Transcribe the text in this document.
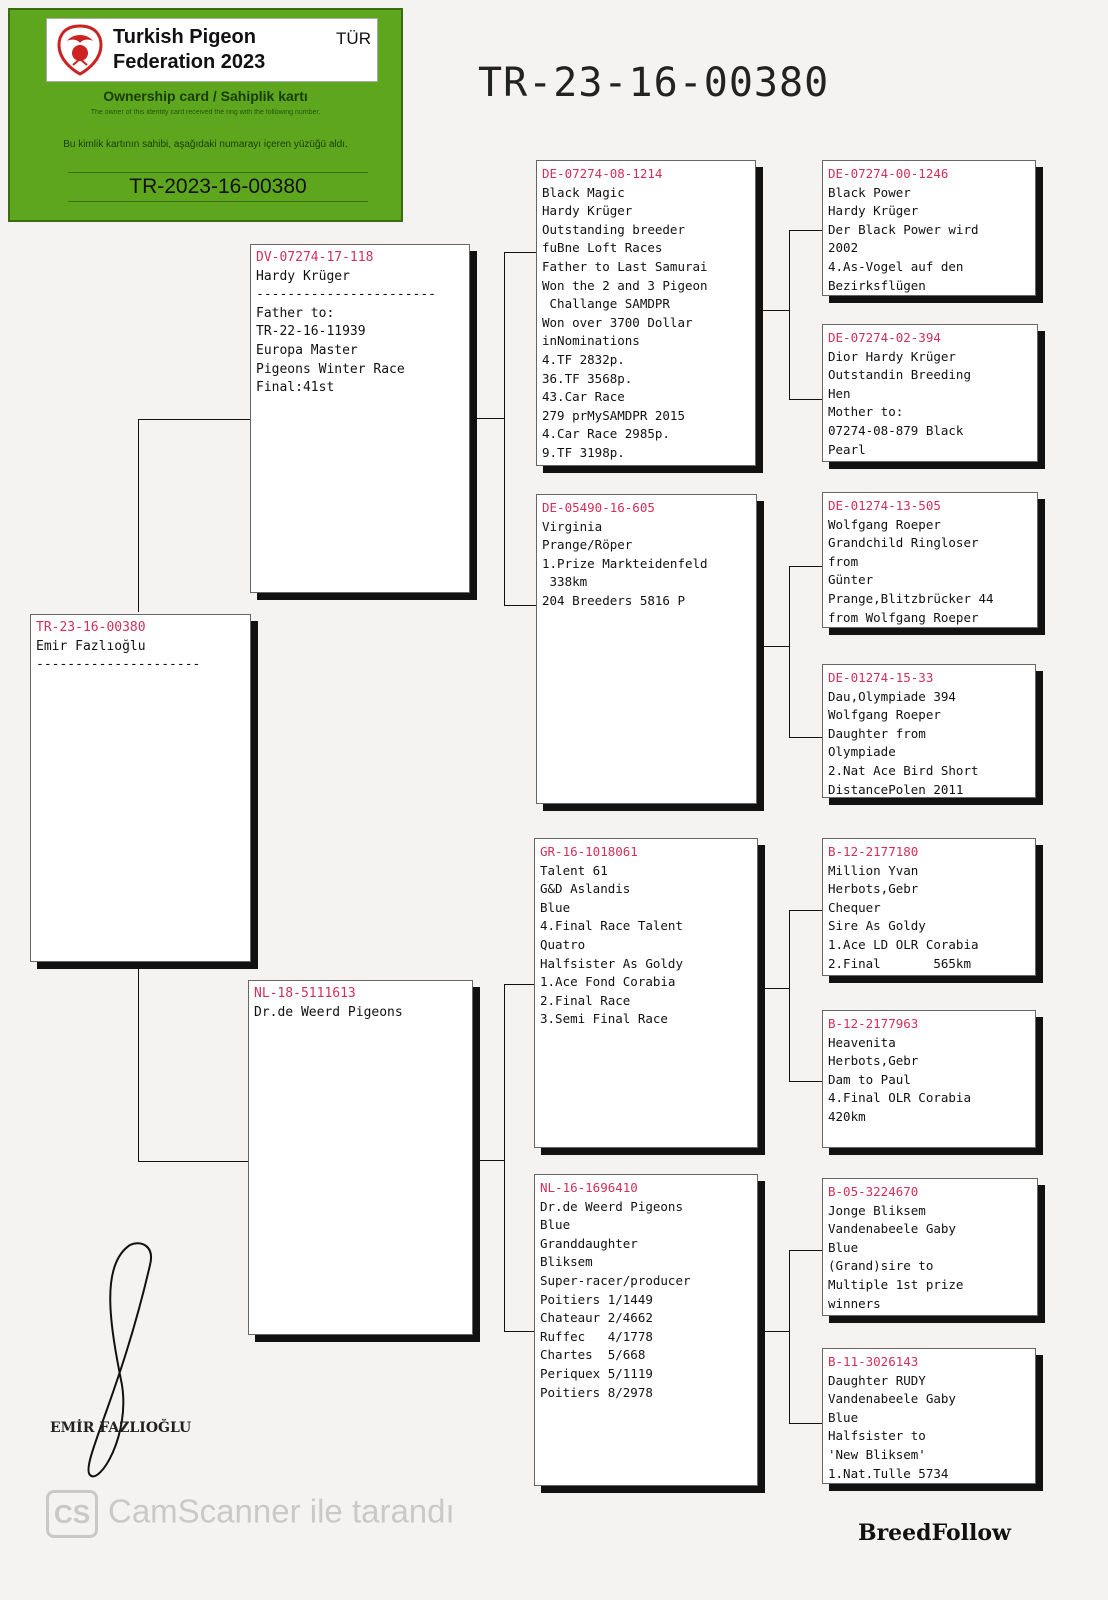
Turkish Pigeon
Federation 2023
TÜR
Ownership card / Sahiplik kartı
The owner of this identity card received the ring with the following number.
Bu kimlik kartının sahibi, aşağıdaki numarayı içeren yüzüğü aldı.
TR-2023-16-00380
TR-23-16-00380
TR-23-16-00380
Emir Fazlıoğlu
---------------------
DV-07274-17-118
Hardy Krüger
-----------------------
Father to:
TR-22-16-11939
Europa Master
Pigeons Winter Race
Final:41st
NL-18-5111613
Dr.de Weerd Pigeons
DE-07274-08-1214
Black Magic
Hardy Krüger
Outstanding breeder
fuBne Loft Races
Father to Last Samurai
Won the 2 and 3 Pigeon
Challange SAMDPR
Won over 3700 Dollar
inNominations
4.TF 2832p.
36.TF 3568p.
43.Car Race
279 prMySAMDPR 2015
4.Car Race 2985p.
9.TF 3198p.
DE-05490-16-605
Virginia
Prange/Röper
1.Prize Markteidenfeld
338km
204 Breeders 5816 P
GR-16-1018061
Talent 61
G&D Aslandis
Blue
4.Final Race Talent
Quatro
Halfsister As Goldy
1.Ace Fond Corabia
2.Final Race
3.Semi Final Race
NL-16-1696410
Dr.de Weerd Pigeons
Blue
Granddaughter
Bliksem
Super-racer/producer
Poitiers 1/1449
Chateaur 2/4662
Ruffec   4/1778
Chartes  5/668
Periquex 5/1119
Poitiers 8/2978
DE-07274-00-1246
Black Power
Hardy Krüger
Der Black Power wird
2002
4.As-Vogel auf den
Bezirksflügen
DE-07274-02-394
Dior Hardy Krüger
Outstandin Breeding
Hen
Mother to:
07274-08-879 Black
Pearl
DE-01274-13-505
Wolfgang Roeper
Grandchild Ringloser
from
Günter
Prange,Blitzbrücker 44
from Wolfgang Roeper
DE-01274-15-33
Dau,Olympiade 394
Wolfgang Roeper
Daughter from
Olympiade
2.Nat Ace Bird Short
DistancePolen 2011
B-12-2177180
Million Yvan
Herbots,Gebr
Chequer
Sire As Goldy
1.Ace LD OLR Corabia
2.Final       565km
B-12-2177963
Heavenita
Herbots,Gebr
Dam to Paul
4.Final OLR Corabia
420km
B-05-3224670
Jonge Bliksem
Vandenabeele Gaby
Blue
(Grand)sire to
Multiple 1st prize
winners
B-11-3026143
Daughter RUDY
Vandenabeele Gaby
Blue
Halfsister to
'New Bliksem'
1.Nat.Tulle 5734
EMİR FAZLIOĞLU
CS CamScanner ile tarandı
BreedFollow
